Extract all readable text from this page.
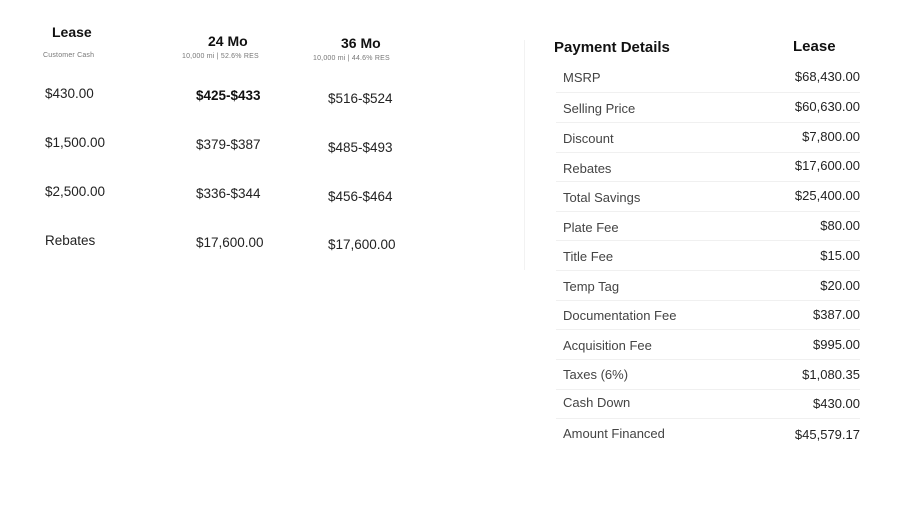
Lease
Customer Cash
24 Mo
10,000 mi | 52.6% RES
36 Mo
10,000 mi | 44.6% RES
$430.00	$425-$433	$516-$524
$1,500.00	$379-$387	$485-$493
$2,500.00	$336-$344	$456-$464
Rebates	$17,600.00	$17,600.00
Payment Details	Lease
MSRP	$68,430.00
Selling Price	$60,630.00
Discount	$7,800.00
Rebates	$17,600.00
Total Savings	$25,400.00
Plate Fee	$80.00
Title Fee	$15.00
Temp Tag	$20.00
Documentation Fee	$387.00
Acquisition Fee	$995.00
Taxes (6%)	$1,080.35
Cash Down	$430.00
Amount Financed	$45,579.17
